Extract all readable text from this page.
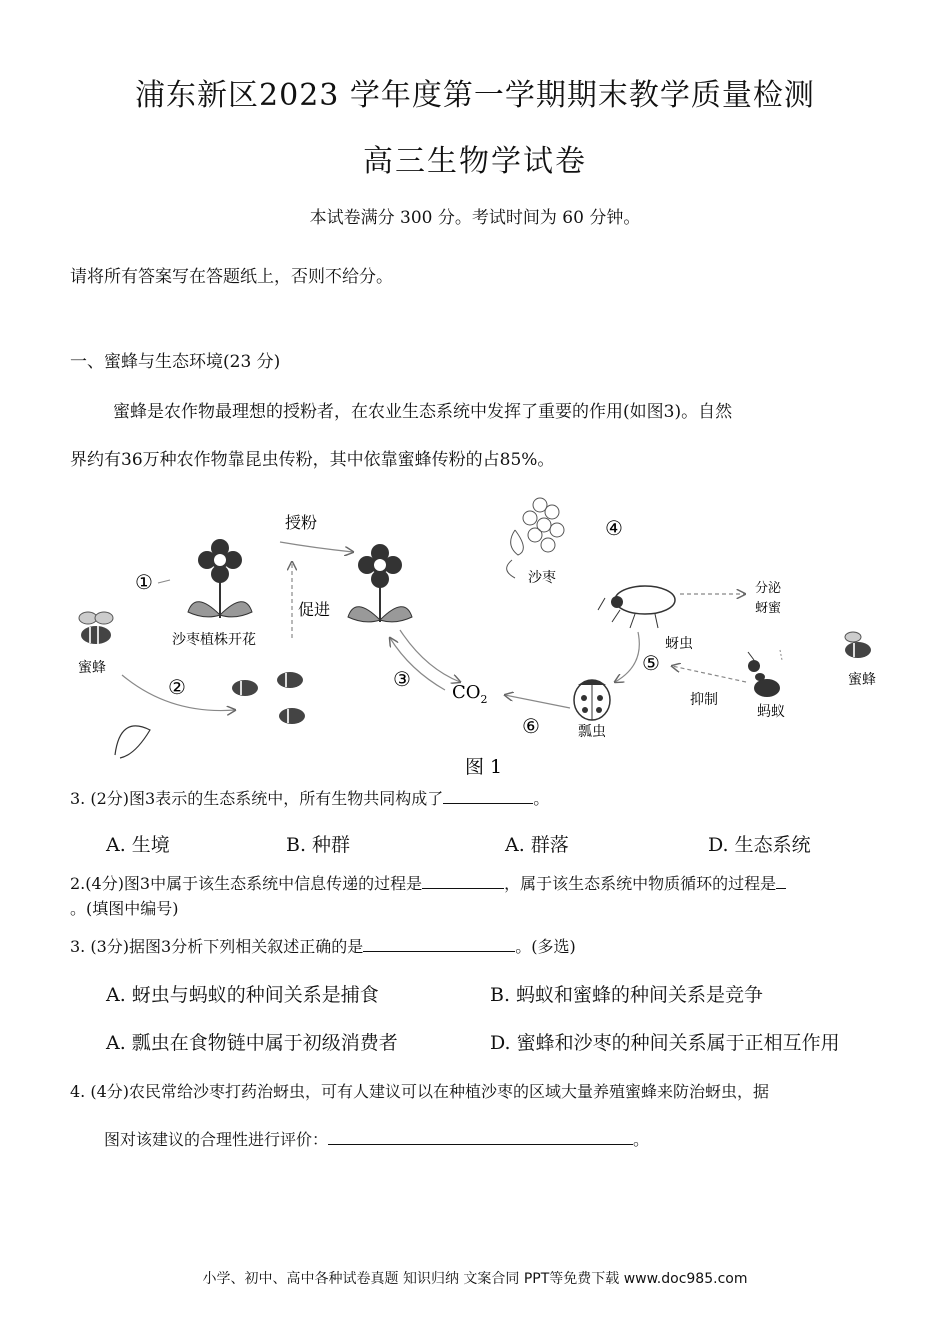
浦东新区2023 学年度第一学期期末教学质量检测
高三生物学试卷
本试卷满分 300 分。考试时间为 60 分钟。
请将所有答案写在答题纸上，否则不给分。
一、蜜蜂与生态环境(23 分)
蜜蜂是农作物最理想的授粉者，在农业生态系统中发挥了重要的作用(如图3)。自然
界约有36万种农作物靠昆虫传粉，其中依靠蜜蜂传粉的占85%。
蜜蜂
①
②
沙枣植株开花
授粉
促进
③
$CO_2$
沙枣
④
蚜虫
分泌
蚜蜜
⑤
抑制
蚂蚁
蜜蜂
瓢虫
⑥
图 1
3. (2分)图3表示的生态系统中，所有生物共同构成了	。
A. 生境	B. 种群	A. 群落	D. 生态系统
2.(4分)图3中属于该生态系统中信息传递的过程是	，属于该生态系统中物质循环的过程是
。(填图中编号)
3. (3分)据图3分析下列相关叙述正确的是	。(多选)
A. 蚜虫与蚂蚁的种间关系是捕食	B. 蚂蚁和蜜蜂的种间关系是竞争
A. 瓢虫在食物链中属于初级消费者	D. 蜜蜂和沙枣的种间关系属于正相互作用
4. (4分)农民常给沙枣打药治蚜虫，可有人建议可以在种植沙枣的区域大量养殖蜜蜂来防治蚜虫，据
图对该建议的合理性进行评价：	。
小学、初中、高中各种试卷真题 知识归纳 文案合同 PPT等免费下载 www.doc985.com
